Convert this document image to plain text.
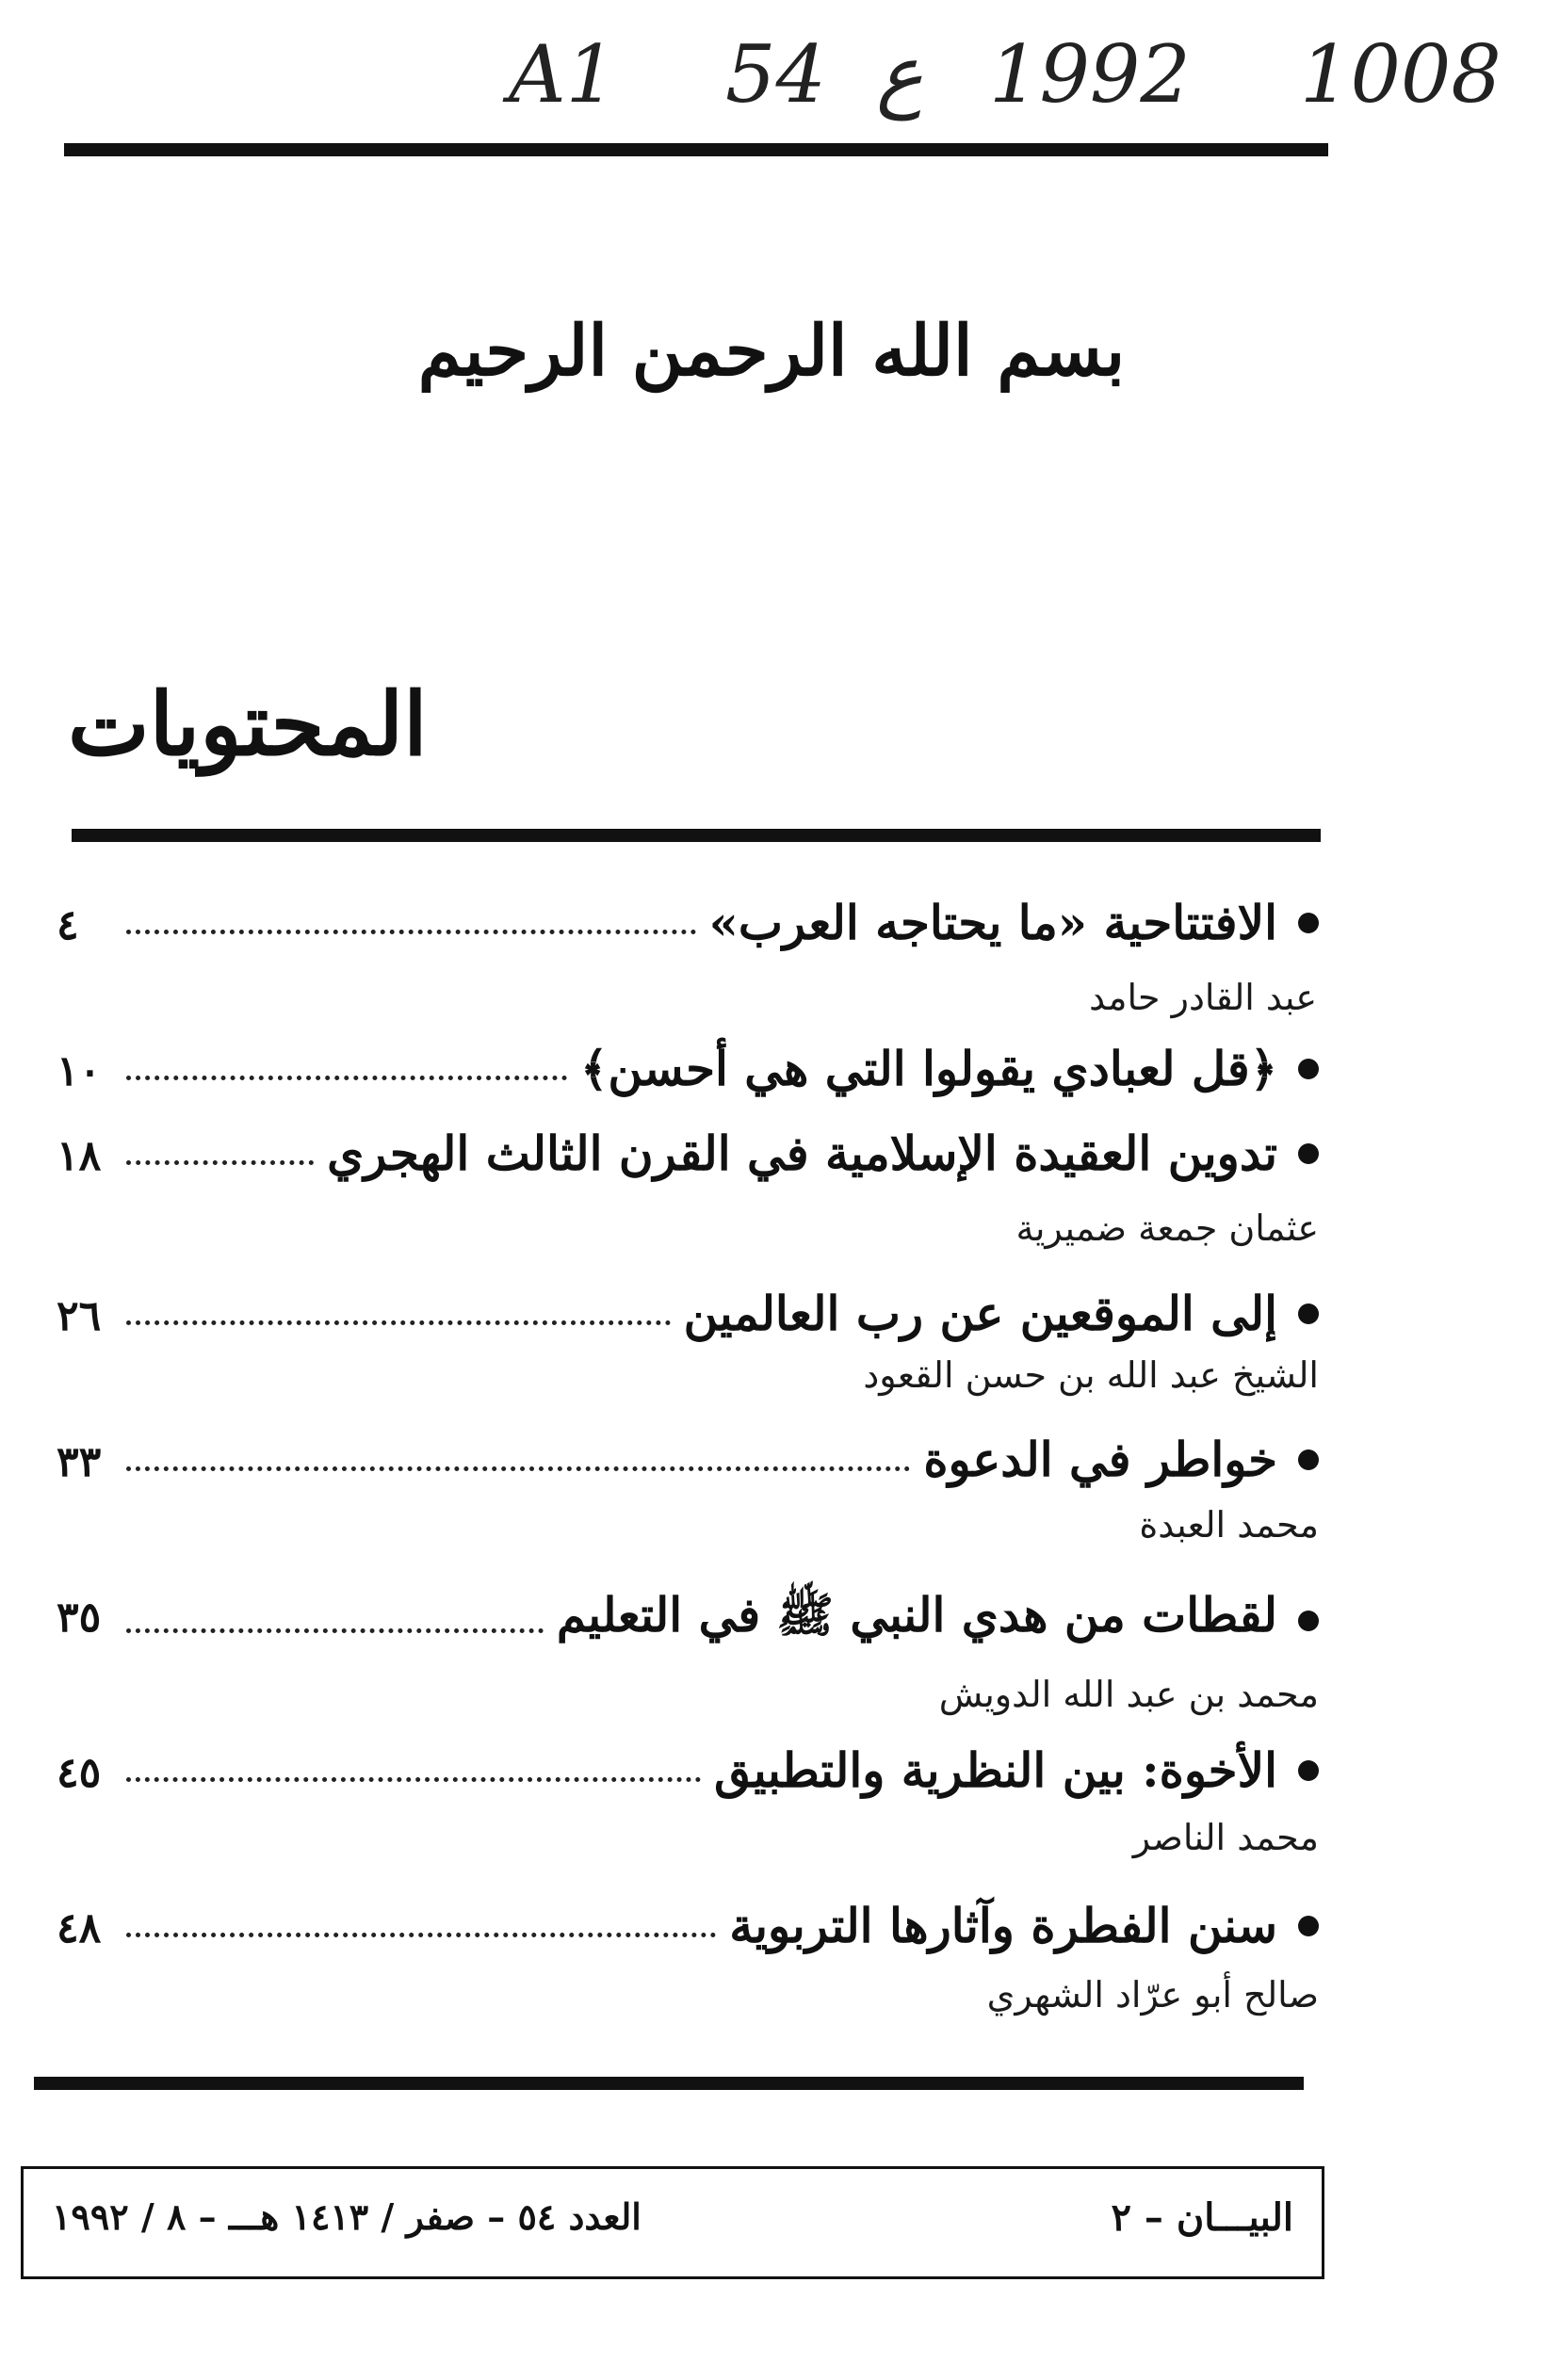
A1 54 ع 1992 1008
بسم الله الرحمن الرحيم
المحتويات
الافتتاحية «ما يحتاجه العرب»
٤
عبد القادر حامد
﴿قل لعبادي يقولوا التي هي أحسن﴾
١٠
تدوين العقيدة الإسلامية في القرن الثالث الهجري
١٨
عثمان جمعة ضميرية
إلى الموقعين عن رب العالمين
٢٦
الشيخ عبد الله بن حسن القعود
خواطر في الدعوة
٣٣
محمد العبدة
لقطات من هدي النبي ﷺ في التعليم
٣٥
محمد بن عبد الله الدويش
الأخوة: بين النظرية والتطبيق
٤٥
محمد الناصر
سنن الفطرة وآثارها التربوية
٤٨
صالح أبو عرّاد الشهري
البيـــان – ٢
العدد ٥٤ – صفر / ١٤١٣ هـــ – ٨ / ١٩٩٢
